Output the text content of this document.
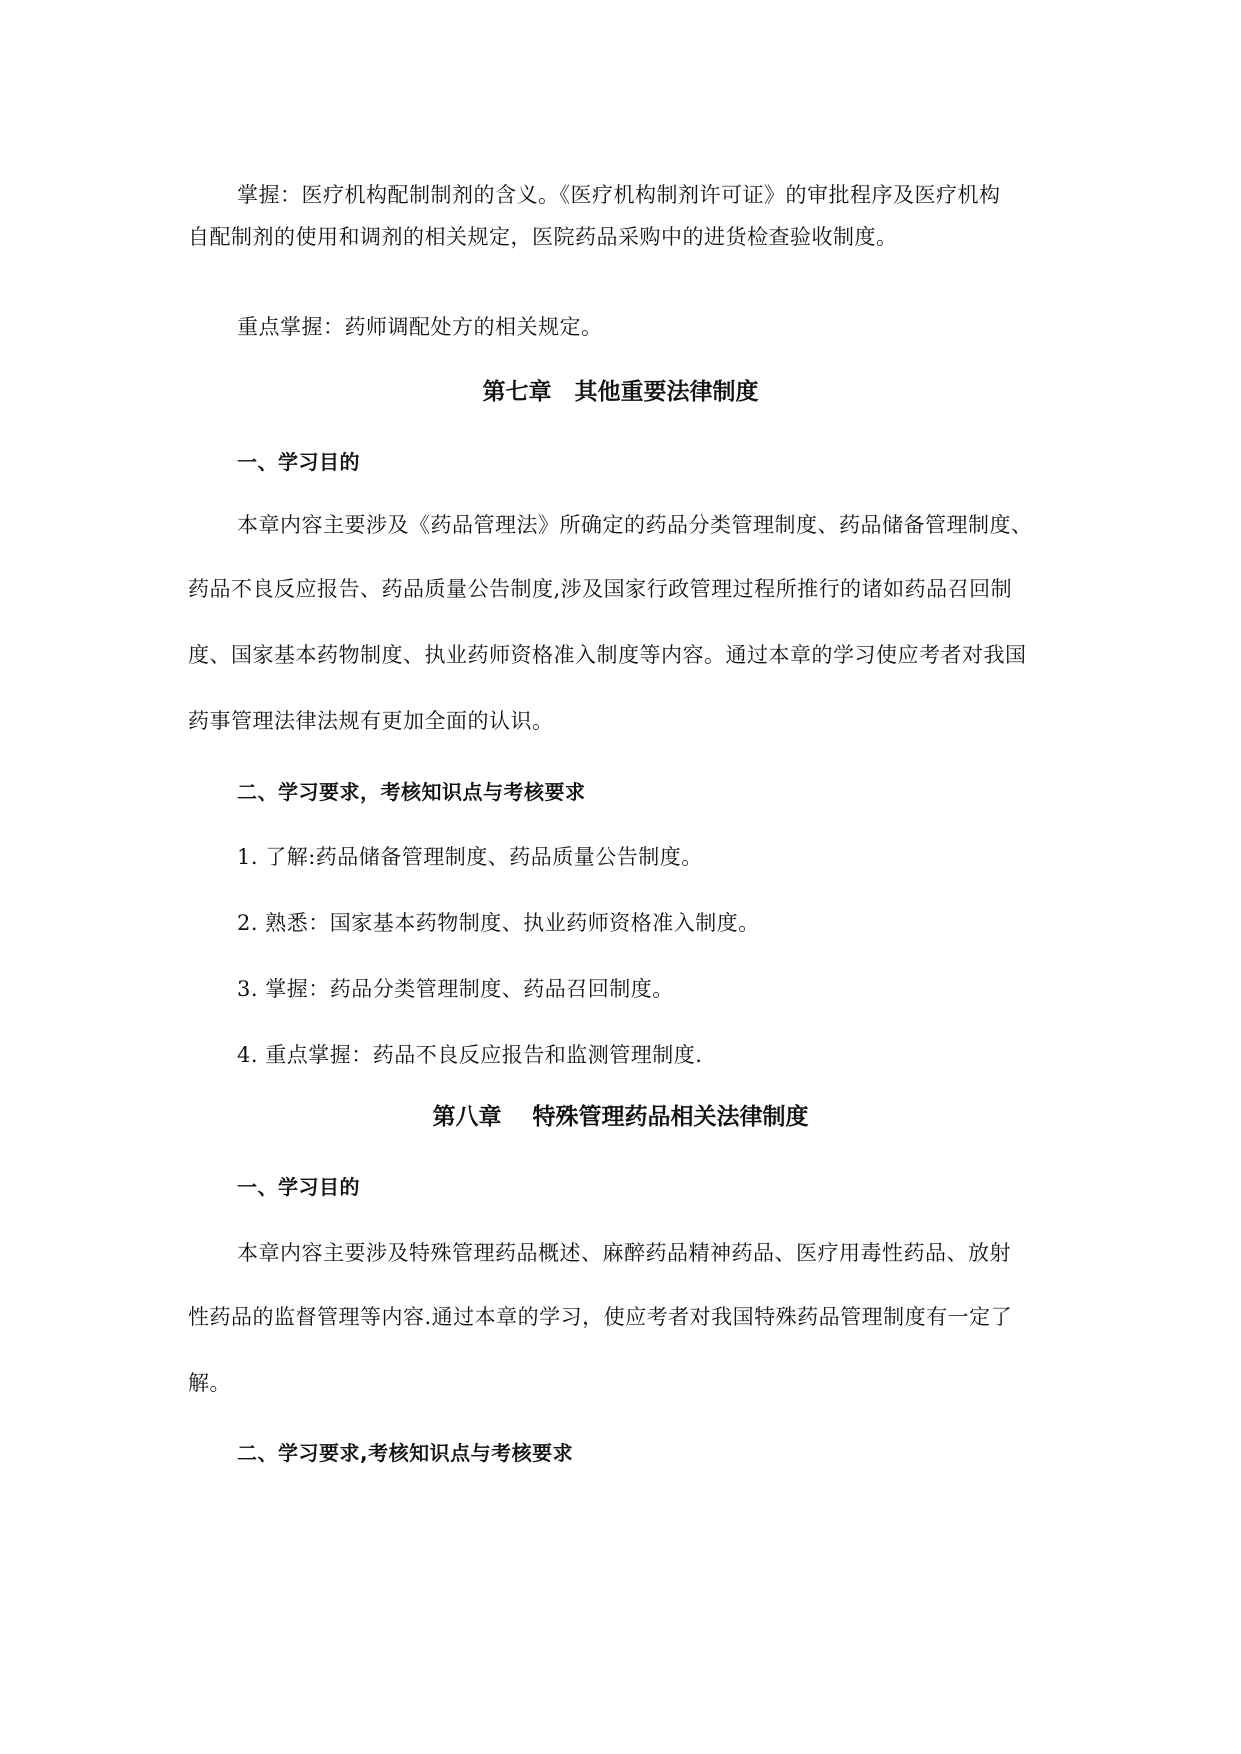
掌握：医疗机构配制制剂的含义。《医疗机构制剂许可证》的审批程序及医疗机构
自配制剂的使用和调剂的相关规定，医院药品采购中的进货检查验收制度。
重点掌握：药师调配处方的相关规定。
第七章　其他重要法律制度
一、学习目的
本章内容主要涉及《药品管理法》所确定的药品分类管理制度、药品储备管理制度、
药品不良反应报告、药品质量公告制度,涉及国家行政管理过程所推行的诸如药品召回制
度、国家基本药物制度、执业药师资格准入制度等内容。通过本章的学习使应考者对我国
药事管理法律法规有更加全面的认识。
二、学习要求，考核知识点与考核要求
1. 了解:药品储备管理制度、药品质量公告制度。
2. 熟悉：国家基本药物制度、执业药师资格准入制度。
3. 掌握：药品分类管理制度、药品召回制度。
4. 重点掌握：药品不良反应报告和监测管理制度.
第八章　 特殊管理药品相关法律制度
一、学习目的
本章内容主要涉及特殊管理药品概述、麻醉药品精神药品、医疗用毒性药品、放射
性药品的监督管理等内容.通过本章的学习，使应考者对我国特殊药品管理制度有一定了
解。
二、学习要求,考核知识点与考核要求
